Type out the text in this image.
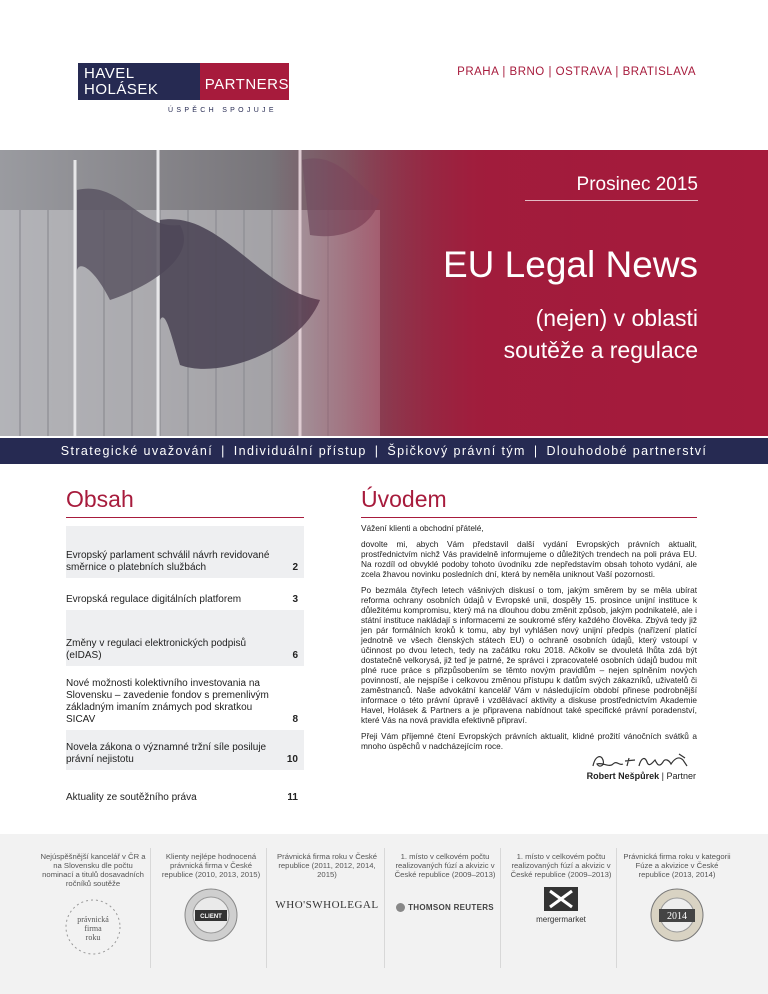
HAVEL HOLÁSEK
advokátní kancelář
PARTNERS
ÚSPĚCH SPOJUJE
PRAHA | BRNO | OSTRAVA | BRATISLAVA
Prosinec 2015
EU Legal News
(nejen) v oblasti
soutěže a regulace
Strategické uvažování | Individuální přístup | Špičkový právní tým | Dlouhodobé partnerství
Obsah
Evropský parlament schválil návrh revidované směrnice o platebních službách	2
Evropská regulace digitálních platforem	3
Změny v regulaci elektronických podpisů (eIDAS)	6
Nové možnosti kolektivního investovania na Slovensku – zavedenie fondov s premenlivým základným imaním známych pod skratkou SICAV	8
Novela zákona o významné tržní síle posiluje právní nejistotu	10
Aktuality ze soutěžního práva	11
Úvodem

Vážení klienti a obchodní přátelé,

dovolte mi, abych Vám představil další vydání Evropských právních aktualit, prostřednictvím nichž Vás pravidelně informujeme o důležitých trendech na poli práva EU. Na rozdíl od obvyklé podoby tohoto úvodníku zde nepředstavím obsah tohoto vydání, ale zcela žhavou novinku posledních dní, která by neměla uniknout Vaší pozornosti.

Po bezmála čtyřech letech vášnivých diskusí o tom, jakým směrem by se měla ubírat reforma ochrany osobních údajů v Evropské unii, dospěly 15. prosince unijní instituce k důležitému kompromisu, který má na dlouhou dobu změnit způsob, jakým podnikatelé, ale i státní instituce nakládají s informacemi ze soukromé sféry každého člověka. Zbývá tedy již jen pár formálních kroků k tomu, aby byl vyhlášen nový unijní předpis (nařízení platící jednotně ve všech členských státech EU) o ochraně osobních údajů, který vstoupí v účinnost po dvou letech, tedy na začátku roku 2018. Ačkoliv se dvouletá lhůta zdá být dostatečně velkorysá, již teď je patrné, že správci i zpracovatelé osobních údajů budou mít plné ruce práce s přizpůsobením se těmto novým pravidlům – nejen splněním nových povinností, ale nejspíše i celkovou změnou přístupu k datům svých zákazníků, uživatelů či zaměstnanců. Naše advokátní kancelář Vám v následujícím období přinese podrobnější informace o této právní úpravě i vzdělávací aktivity a diskuse prostřednictvím Akademie Havel, Holásek & Partners a je připravena nabídnout také specifické právní poradenství, které Vás na nová pravidla efektivně připraví.

Přeji Vám příjemné čtení Evropských právních aktualit, klidné prožití vánočních svátků a mnoho úspěchů v nadcházejícím roce.

Robert Nešpůrek | Partner
Nejúspěšnější kancelář v ČR a na Slovensku dle počtu nominací a titulů dosavadních ročníků soutěže
právnická
firma
roku
Klienty nejlépe hodnocená právnická firma v České republice (2010, 2013, 2015)
CLIENT
Právnická firma roku v České republice (2011, 2012, 2014, 2015)
WHO'SWHOLEGAL
1. místo v celkovém počtu realizovaných fúzí a akvizic v České republice (2009–2013)
THOMSON REUTERS
1. místo v celkovém počtu realizovaných fúzí a akvizic v České republice (2009–2013)
mergermarket
Právnická firma roku v kategorii Fúze a akvizice v České republice (2013, 2014)
2014
